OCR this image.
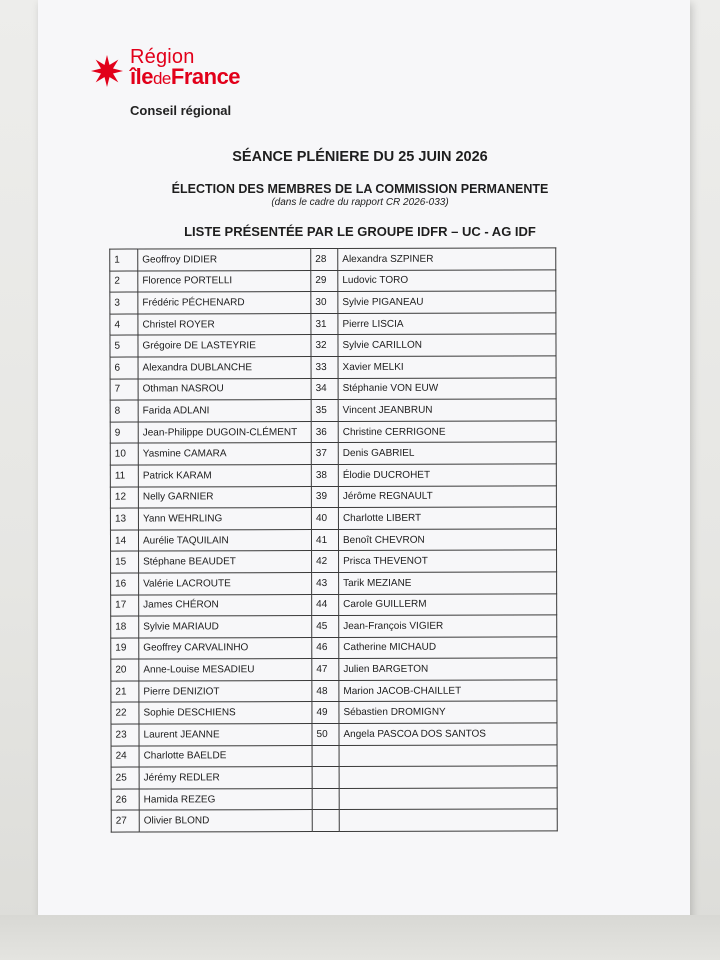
Région
îledeFrance
Conseil régional
SÉANCE PLÉNIERE DU 25 JUIN 2026
ÉLECTION DES MEMBRES DE LA COMMISSION PERMANENTE
(dans le cadre du rapport CR 2026-033)
LISTE PRÉSENTÉE PAR LE GROUPE IDFR – UC - AG IDF
1	Geoffroy DIDIER	28	Alexandra SZPINER
2	Florence PORTELLI	29	Ludovic TORO
3	Frédéric PÉCHENARD	30	Sylvie PIGANEAU
4	Christel ROYER	31	Pierre LISCIA
5	Grégoire DE LASTEYRIE	32	Sylvie CARILLON
6	Alexandra DUBLANCHE	33	Xavier MELKI
7	Othman NASROU	34	Stéphanie VON EUW
8	Farida ADLANI	35	Vincent JEANBRUN
9	Jean-Philippe DUGOIN-CLÉMENT	36	Christine CERRIGONE
10	Yasmine CAMARA	37	Denis GABRIEL
11	Patrick KARAM	38	Élodie DUCROHET
12	Nelly GARNIER	39	Jérôme REGNAULT
13	Yann WEHRLING	40	Charlotte LIBERT
14	Aurélie TAQUILAIN	41	Benoît CHEVRON
15	Stéphane BEAUDET	42	Prisca THEVENOT
16	Valérie LACROUTE	43	Tarik MEZIANE
17	James CHÉRON	44	Carole GUILLERM
18	Sylvie MARIAUD	45	Jean-François VIGIER
19	Geoffrey CARVALINHO	46	Catherine MICHAUD
20	Anne-Louise MESADIEU	47	Julien BARGETON
21	Pierre DENIZIOT	48	Marion JACOB-CHAILLET
22	Sophie DESCHIENS	49	Sébastien DROMIGNY
23	Laurent JEANNE	50	Angela PASCOA DOS SANTOS
24	Charlotte BAELDE		
25	Jérémy REDLER		
26	Hamida REZEG		
27	Olivier BLOND		
